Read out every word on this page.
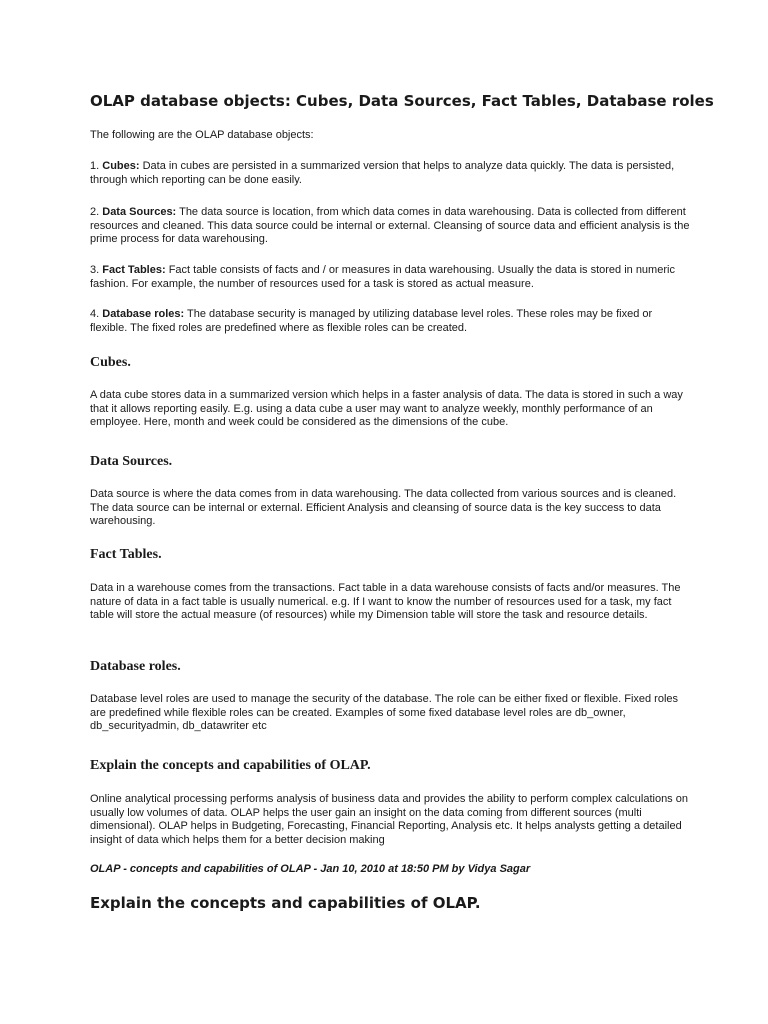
OLAP database objects: Cubes, Data Sources, Fact Tables, Database roles

The following are the OLAP database objects:

1. Cubes: Data in cubes are persisted in a summarized version that helps to analyze data quickly. The data is persisted, through which reporting can be done easily.

2. Data Sources: The data source is location, from which data comes in data warehousing. Data is collected from different resources and cleaned. This data source could be internal or external. Cleansing of source data and efficient analysis is the prime process for data warehousing.

3. Fact Tables: Fact table consists of facts and / or measures in data warehousing. Usually the data is stored in numeric fashion. For example, the number of resources used for a task is stored as actual measure.

4. Database roles: The database security is managed by utilizing database level roles. These roles may be fixed or flexible. The fixed roles are predefined where as flexible roles can be created.

Cubes.

A data cube stores data in a summarized version which helps in a faster analysis of data. The data is stored in such a way that it allows reporting easily. E.g. using a data cube a user may want to analyze weekly, monthly performance of an employee. Here, month and week could be considered as the dimensions of the cube.

Data Sources.

Data source is where the data comes from in data warehousing. The data collected from various sources and is cleaned. The data source can be internal or external. Efficient Analysis and cleansing of source data is the key success to data warehousing.

Fact Tables.

Data in a warehouse comes from the transactions. Fact table in a data warehouse consists of facts and/or measures. The nature of data in a fact table is usually numerical. e.g. If I want to know the number of resources used for a task, my fact table will store the actual measure (of resources) while my Dimension table will store the task and resource details.

Database roles.

Database level roles are used to manage the security of the database. The role can be either fixed or flexible. Fixed roles are predefined while flexible roles can be created. Examples of some fixed database level roles are db_owner, db_securityadmin, db_datawriter etc

Explain the concepts and capabilities of OLAP.

Online analytical processing performs analysis of business data and provides the ability to perform complex calculations on usually low volumes of data. OLAP helps the user gain an insight on the data coming from different sources (multi dimensional). OLAP helps in Budgeting, Forecasting, Financial Reporting, Analysis etc. It helps analysts getting a detailed insight of data which helps them for a better decision making

OLAP - concepts and capabilities of OLAP - Jan 10, 2010 at 18:50 PM by Vidya Sagar

Explain the concepts and capabilities of OLAP.
